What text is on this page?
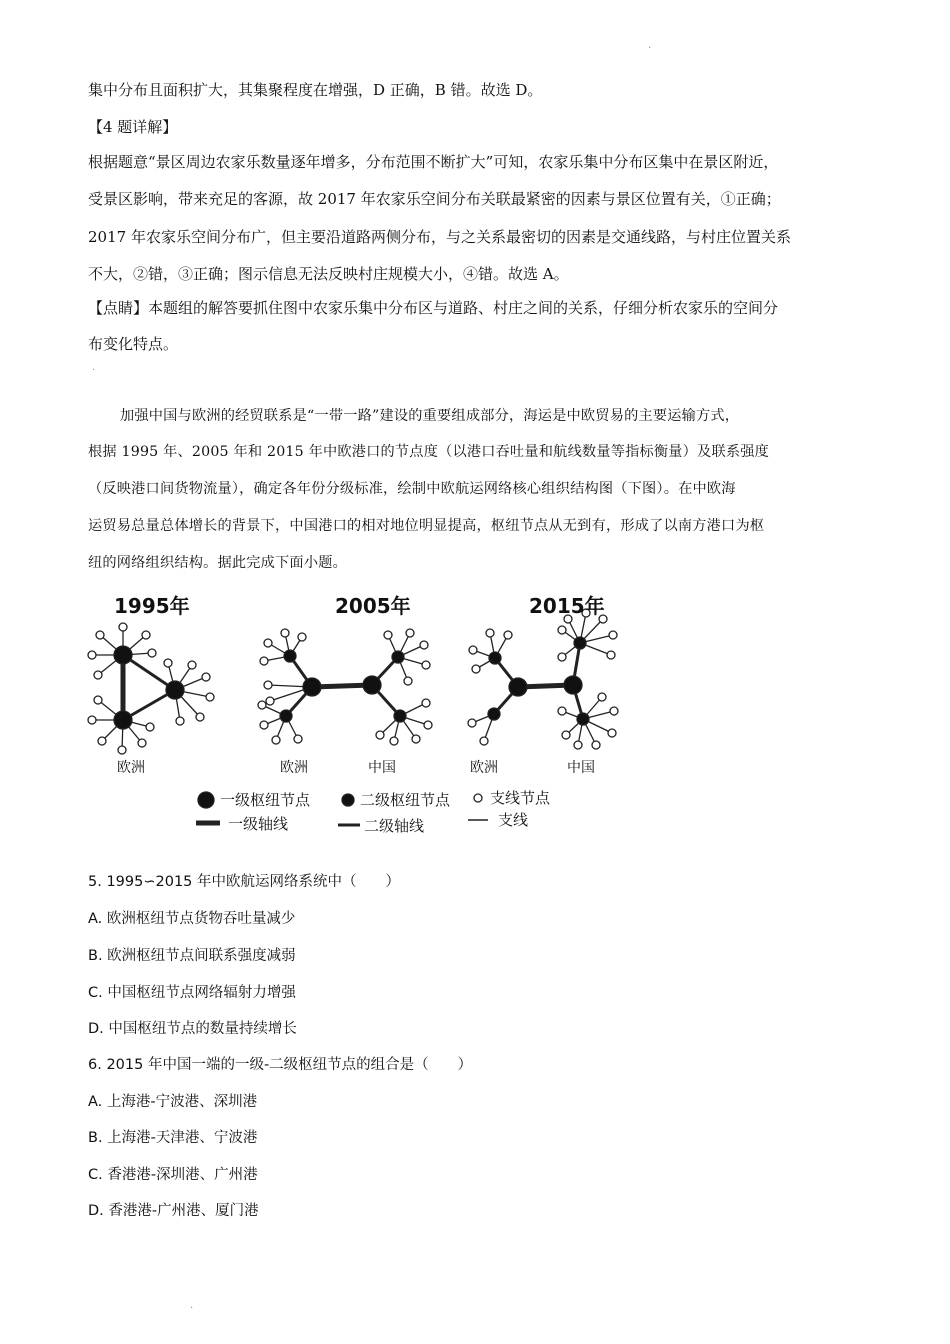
集中分布且面积扩大，其集聚程度在增强，D 正确，B 错。故选 D。
【4 题详解】
根据题意“景区周边农家乐数量逐年增多，分布范围不断扩大”可知，农家乐集中分布区集中在景区附近，
受景区影响，带来充足的客源，故 2017 年农家乐空间分布关联最紧密的因素与景区位置有关，①正确；
2017 年农家乐空间分布广，但主要沿道路两侧分布，与之关系最密切的因素是交通线路，与村庄位置关系
不大，②错，③正确；图示信息无法反映村庄规模大小，④错。故选 A。
【点睛】本题组的解答要抓住图中农家乐集中分布区与道路、村庄之间的关系，仔细分析农家乐的空间分
布变化特点。
加强中国与欧洲的经贸联系是“一带一路”建设的重要组成部分，海运是中欧贸易的主要运输方式，
根据 1995 年、2005 年和 2015 年中欧港口的节点度（以港口吞吐量和航线数量等指标衡量）及联系强度
（反映港口间货物流量），确定各年份分级标准，绘制中欧航运网络核心组织结构图（下图）。在中欧海
运贸易总量总体增长的背景下，中国港口的相对地位明显提高，枢纽节点从无到有，形成了以南方港口为枢
纽的网络组织结构。据此完成下面小题。
1995年	2005年	2015年
欧洲	欧洲	中国	欧洲	中国
一级枢纽节点	二级枢纽节点	支线节点
一级轴线	二级轴线	支线
5. 1995∽2015 年中欧航运网络系统中（　　）
A. 欧洲枢纽节点货物吞吐量减少
B. 欧洲枢纽节点间联系强度减弱
C. 中国枢纽节点网络辐射力增强
D. 中国枢纽节点的数量持续增长
6. 2015 年中国一端的一级-二级枢纽节点的组合是（　　）
A. 上海港-宁波港、深圳港
B. 上海港-天津港、宁波港
C. 香港港-深圳港、广州港
D. 香港港-广州港、厦门港
.
.
.
